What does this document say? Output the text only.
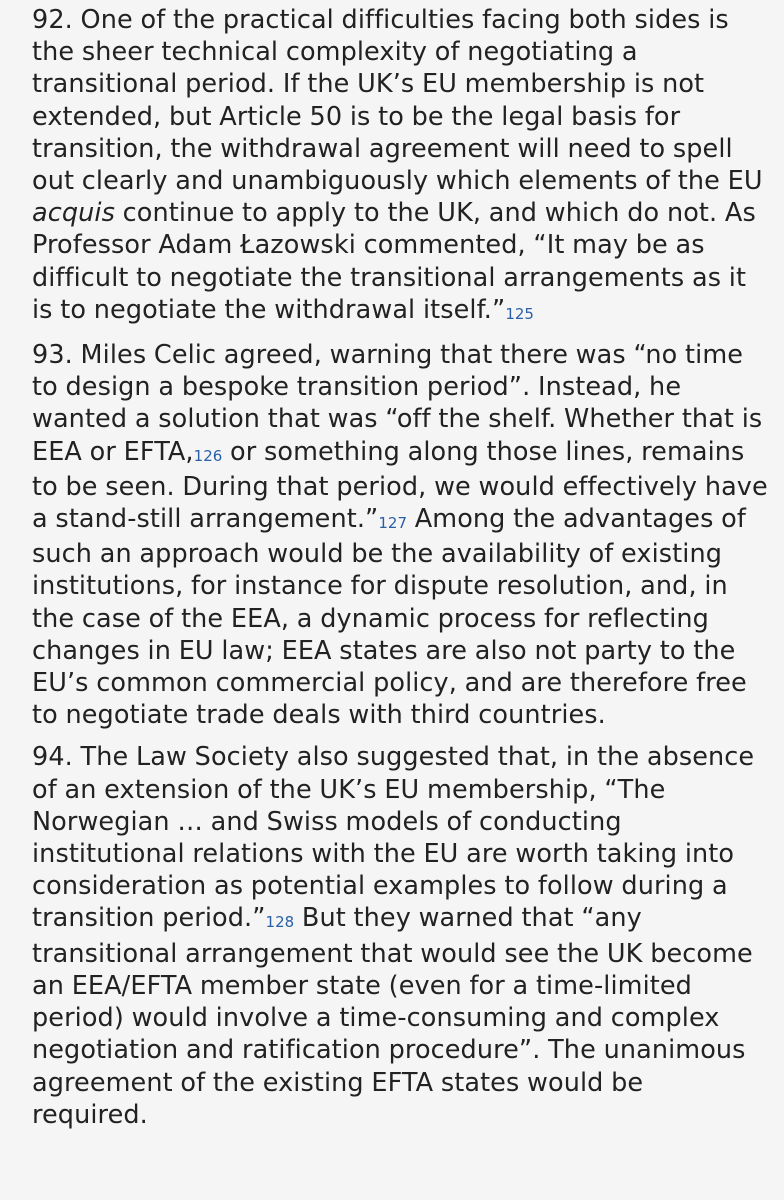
92. One of the practical difficulties facing both sides is
the sheer technical complexity of negotiating a
transitional period. If the UK’s EU membership is not
extended, but Article 50 is to be the legal basis for
transition, the withdrawal agreement will need to spell
out clearly and unambiguously which elements of the EU
acquis continue to apply to the UK, and which do not. As
Professor Adam Łazowski commented, “It may be as
difficult to negotiate the transitional arrangements as it
is to negotiate the withdrawal itself.”125
93. Miles Celic agreed, warning that there was “no time
to design a bespoke transition period”. Instead, he
wanted a solution that was “off the shelf. Whether that is
EEA or EFTA,126 or something along those lines, remains
to be seen. During that period, we would effectively have
a stand-still arrangement.”127 Among the advantages of
such an approach would be the availability of existing
institutions, for instance for dispute resolution, and, in
the case of the EEA, a dynamic process for reflecting
changes in EU law; EEA states are also not party to the
EU’s common commercial policy, and are therefore free
to negotiate trade deals with third countries.
94. The Law Society also suggested that, in the absence
of an extension of the UK’s EU membership, “The
Norwegian … and Swiss models of conducting
institutional relations with the EU are worth taking into
consideration as potential examples to follow during a
transition period.”128 But they warned that “any
transitional arrangement that would see the UK become
an EEA/EFTA member state (even for a time-limited
period) would involve a time-consuming and complex
negotiation and ratification procedure”. The unanimous
agreement of the existing EFTA states would be
required.
